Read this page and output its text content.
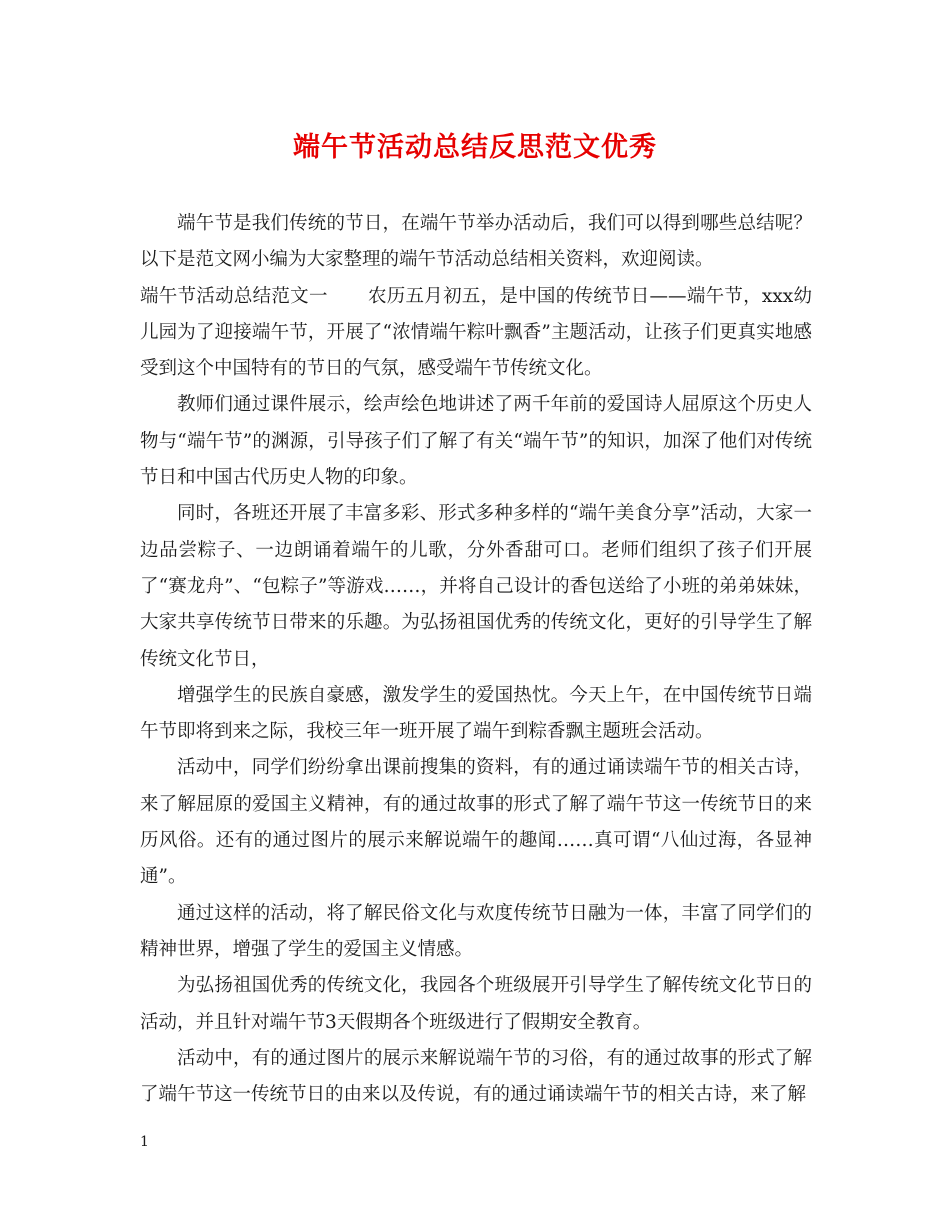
端午节活动总结反思范文优秀

端午节是我们传统的节日，在端午节举办活动后，我们可以得到哪些总结呢？以下是范文网小编为大家整理的端午节活动总结相关资料，欢迎阅读。

端午节活动总结范文一 农历五月初五，是中国的传统节日——端午节，xxx幼儿园为了迎接端午节，开展了“浓情端午粽叶飘香”主题活动，让孩子们更真实地感受到这个中国特有的节日的气氛，感受端午节传统文化。

教师们通过课件展示，绘声绘色地讲述了两千年前的爱国诗人屈原这个历史人物与“端午节”的渊源，引导孩子们了解了有关“端午节”的知识，加深了他们对传统节日和中国古代历史人物的印象。

同时，各班还开展了丰富多彩、形式多种多样的“端午美食分享”活动，大家一边品尝粽子、一边朗诵着端午的儿歌，分外香甜可口。老师们组织了孩子们开展了“赛龙舟”、“包粽子”等游戏……，并将自己设计的香包送给了小班的弟弟妹妹，大家共享传统节日带来的乐趣。为弘扬祖国优秀的传统文化，更好的引导学生了解传统文化节日，

增强学生的民族自豪感，激发学生的爱国热忱。今天上午，在中国传统节日端午节即将到来之际，我校三年一班开展了端午到粽香飘主题班会活动。

活动中，同学们纷纷拿出课前搜集的资料，有的通过诵读端午节的相关古诗，来了解屈原的爱国主义精神，有的通过故事的形式了解了端午节这一传统节日的来历风俗。还有的通过图片的展示来解说端午的趣闻……真可谓“八仙过海，各显神通”。

通过这样的活动，将了解民俗文化与欢度传统节日融为一体，丰富了同学们的精神世界，增强了学生的爱国主义情感。

为弘扬祖国优秀的传统文化，我园各个班级展开引导学生了解传统文化节日的活动，并且针对端午节3天假期各个班级进行了假期安全教育。

活动中，有的通过图片的展示来解说端午节的习俗，有的通过故事的形式了解了端午节这一传统节日的由来以及传说，有的通过诵读端午节的相关古诗，来了解

1
